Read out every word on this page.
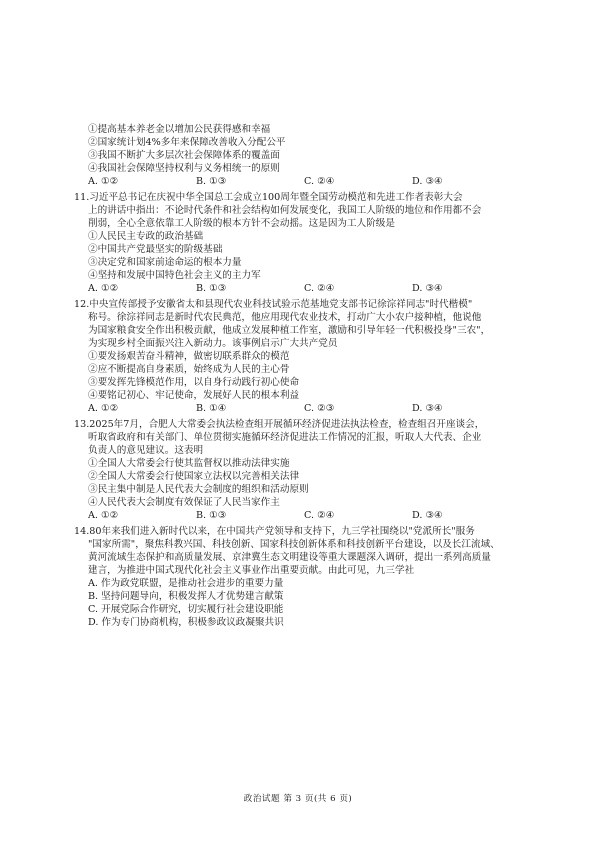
①提高基本养老金以增加公民获得感和幸福
②国家统计划4%多年来保障改善收入分配公平
③我国不断扩大多层次社会保障体系的覆盖面
④我国社会保障坚持权利与义务相统一的原则
A. ①②	B. ①③	C. ②④	D. ③④
11.习近平总书记在庆祝中华全国总工会成立100周年暨全国劳动模范和先进工作者表彰大会
上的讲话中指出：不论时代条件和社会结构如何发展变化，我国工人阶级的地位和作用都不会
削弱，全心全意依靠工人阶级的根本方针不会动摇。这是因为工人阶级是
①人民民主专政的政治基础
②中国共产党最坚实的阶级基础
③决定党和国家前途命运的根本力量
④坚持和发展中国特色社会主义的主力军
A. ①②	B. ①③	C. ②④	D. ③④
12.中央宣传部授予安徽省太和县现代农业科技试验示范基地党支部书记徐淙祥同志"时代楷模"
称号。徐淙祥同志是新时代农民典范，他应用现代农业技术，打动广大小农户接种植，他说他
为国家粮食安全作出积极贡献，他成立发展种植工作室，激励和引导年轻一代积极投身"三农"，
为实现乡村全面振兴注入新动力。该事例启示广大共产党员
①要发扬艰苦奋斗精神，做密切联系群众的模范
②应不断提高自身素质，始终成为人民的主心骨
③要发挥先锋模范作用，以自身行动践行初心使命
④要铭记初心、牢记使命，发展好人民的根本利益
A. ①②	B. ①④	C. ②③	D. ③④
13.2025年7月，合肥人大常委会执法检查组开展循环经济促进法执法检查，检查组召开座谈会，
听取省政府和有关部门、单位贯彻实施循环经济促进法工作情况的汇报，听取人大代表、企业
负责人的意见建议。这表明
①全国人大常委会行使其监督权以推动法律实施
②全国人大常委会行使国家立法权以完善相关法律
③民主集中制是人民代表大会制度的组织和活动原则
④人民代表大会制度有效保证了人民当家作主
A. ①②	B. ①③	C. ②④	D. ③④
14.80年来我们进入新时代以来，在中国共产党领导和支持下，九三学社围绕以"党派所长"服务
"国家所需"，聚焦科教兴国、科技创新、国家科技创新体系和科技创新平台建设，以及长江流域、
黄河流域生态保护和高质量发展、京津冀生态文明建设等重大课题深入调研，提出一系列高质量
建言，为推进中国式现代化社会主义事业作出重要贡献。由此可见，九三学社
A. 作为政党联盟，是推动社会进步的重要力量
B. 坚持问题导向，积极发挥人才优势建言献策
C. 开展党际合作研究，切实履行社会建设职能
D. 作为专门协商机构，积极参政议政凝聚共识
政治试题 第 3 页(共 6 页)
